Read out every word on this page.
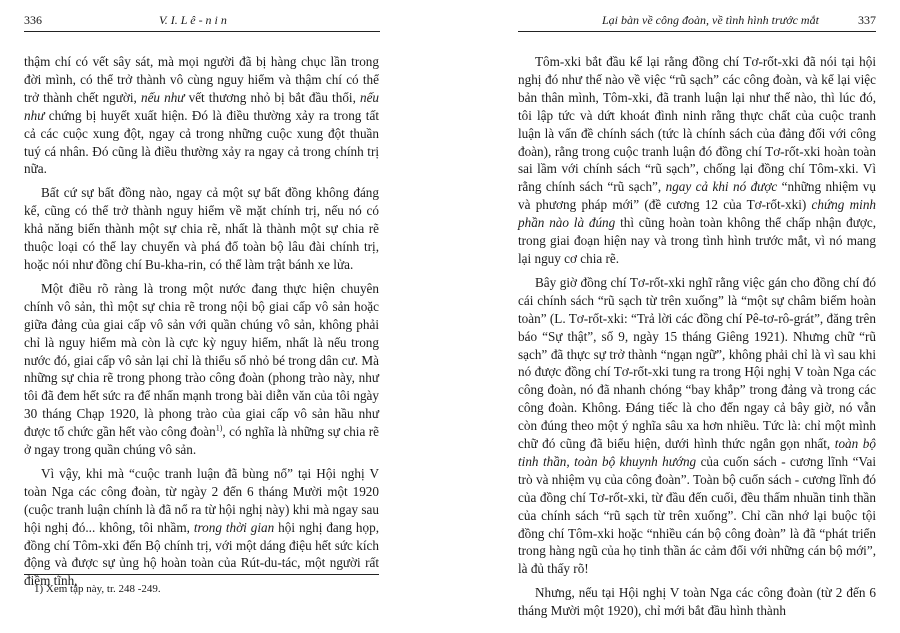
336	V. I. L ê - n i n

thậm chí có vết sây sát, mà mọi người đã bị hàng chục lần trong đời mình, có thể trở thành vô cùng nguy hiểm và thậm chí có thể trở thành chết người, nếu như vết thương nhỏ bị bắt đầu thối, nếu như chứng bị huyết xuất hiện. Đó là điều thường xảy ra trong tất cả các cuộc xung đột, ngay cả trong những cuộc xung đột thuần tuý cá nhân. Đó cũng là điều thường xảy ra ngay cả trong chính trị nữa.

Bất cứ sự bất đồng nào, ngay cả một sự bất đồng không đáng kể, cũng có thể trở thành nguy hiểm về mặt chính trị, nếu nó có khả năng biến thành một sự chia rẽ, nhất là thành một sự chia rẽ thuộc loại có thể lay chuyển và phá đổ toàn bộ lâu đài chính trị, hoặc nói như đồng chí Bu-kha-rin, có thể làm trật bánh xe lửa.

Một điều rõ ràng là trong một nước đang thực hiện chuyên chính vô sản, thì một sự chia rẽ trong nội bộ giai cấp vô sản hoặc giữa đảng của giai cấp vô sản với quần chúng vô sản, không phải chỉ là nguy hiểm mà còn là cực kỳ nguy hiểm, nhất là nếu trong nước đó, giai cấp vô sản lại chỉ là thiểu số nhỏ bé trong dân cư. Mà những sự chia rẽ trong phong trào công đoàn (phong trào này, như tôi đã đem hết sức ra để nhấn mạnh trong bài diễn văn của tôi ngày 30 tháng Chạp 1920, là phong trào của giai cấp vô sản hầu như được tổ chức gần hết vào công đoàn$^{1)}$, có nghĩa là những sự chia rẽ ở ngay trong quần chúng vô sản.

Vì vậy, khi mà “cuộc tranh luận đã bùng nổ” tại Hội nghị V toàn Nga các công đoàn, từ ngày 2 đến 6 tháng Mười một 1920 (cuộc tranh luận chính là đã nổ ra từ hội nghị này) khi mà ngay sau hội nghị đó... không, tôi nhầm, trong thời gian hội nghị đang họp, đồng chí Tôm-xki đến Bộ chính trị, với một dáng điệu hết sức kích động và được sự ủng hộ hoàn toàn của Rút-du-tác, một người rất điềm tĩnh,

1) Xem tập này, tr. 248 -249.
Lại bàn về công đoàn, về tình hình trước mắt	337

Tôm-xki bắt đầu kể lại rằng đồng chí Tơ-rốt-xki đã nói tại hội nghị đó như thế nào về việc “rũ sạch” các công đoàn, và kể lại việc bản thân mình, Tôm-xki, đã tranh luận lại như thế nào, thì lúc đó, tôi lập tức và dứt khoát đình ninh rằng thực chất của cuộc tranh luận là vấn đề chính sách (tức là chính sách của đảng đối với công đoàn), rằng trong cuộc tranh luận đó đồng chí Tơ-rốt-xki hoàn toàn sai lầm với chính sách “rũ sạch”, chống lại đồng chí Tôm-xki. Vì rằng chính sách “rũ sạch”, ngay cả khi nó được “những nhiệm vụ và phương pháp mới” (đề cương 12 của Tơ-rốt-xki) chứng minh phần nào là đúng thì cũng hoàn toàn không thể chấp nhận được, trong giai đoạn hiện nay và trong tình hình trước mắt, vì nó mang lại nguy cơ chia rẽ.

Bây giờ đồng chí Tơ-rốt-xki nghĩ rằng việc gán cho đồng chí đó cái chính sách “rũ sạch từ trên xuống” là “một sự châm biếm hoàn toàn” (L. Tơ-rốt-xki: “Trả lời các đồng chí Pê-tơ-rô-grát”, đăng trên báo “Sự thật”, số 9, ngày 15 tháng Giêng 1921). Nhưng chữ “rũ sạch” đã thực sự trở thành “ngạn ngữ”, không phải chỉ là vì sau khi nó được đồng chí Tơ-rốt-xki tung ra trong Hội nghị V toàn Nga các công đoàn, nó đã nhanh chóng “bay khắp” trong đảng và trong các công đoàn. Không. Đáng tiếc là cho đến ngay cả bây giờ, nó vẫn còn đúng theo một ý nghĩa sâu xa hơn nhiều. Tức là: chỉ một mình chữ đó cũng đã biểu hiện, dưới hình thức ngắn gọn nhất, toàn bộ tinh thần, toàn bộ khuynh hướng của cuốn sách - cương lĩnh “Vai trò và nhiệm vụ của công đoàn”. Toàn bộ cuốn sách - cương lĩnh đó của đồng chí Tơ-rốt-xki, từ đầu đến cuối, đều thấm nhuần tinh thần của chính sách “rũ sạch từ trên xuống”. Chỉ cần nhớ lại buộc tội đồng chí Tôm-xki hoặc “nhiều cán bộ công đoàn” là đã “phát triển trong hàng ngũ của họ tinh thần ác cảm đối với những cán bộ mới”, là đủ thấy rõ!

Nhưng, nếu tại Hội nghị V toàn Nga các công đoàn (từ 2 đến 6 tháng Mười một 1920), chỉ mới bắt đầu hình thành
